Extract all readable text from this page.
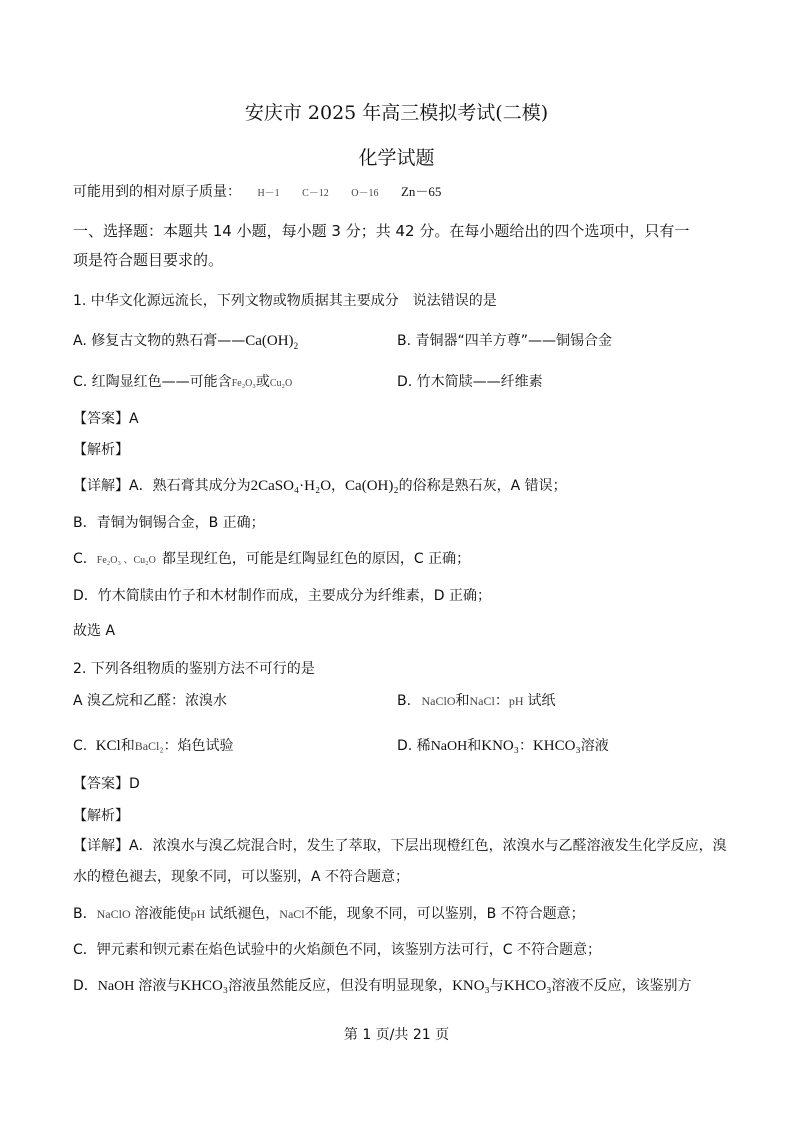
安庆市 2025 年高三模拟考试(二模)
化学试题
可能用到的相对原子质量： H－1 C－12 O－16 Zn－65
一、选择题：本题共 14 小题，每小题 3 分；共 42 分。在每小题给出的四个选项中，只有一
项是符合题目要求的。
1. 中华文化源远流长，下列文物或物质据其主要成分　说法错误的是
A. 修复古文物的熟石膏$——Ca(OH)_2$	B. 青铜器“四羊方尊”——铜锡合金
C. 红陶显红色——可能含Fe₂O₃或Cu₂O	D. 竹木简牍——纤维素
【答案】A
【解析】
【详解】A．熟石膏其成分为2CaSO₄·H₂O，Ca(OH)₂的俗称是熟石灰，A 错误；
B．青铜为铜锡合金，B 正确；
C．Fe₂O₃ 、Cu₂O 都呈现红色，可能是红陶显红色的原因，C 正确；
D．竹木简牍由竹子和木材制作而成，主要成分为纤维素，D 正确；
故选 A
2. 下列各组物质的鉴别方法不可行的是
A 溴乙烷和乙醛：浓溴水	B. NaClO和NaCl：pH 试纸
C. KCl和BaCl₂：焰色试验	D. 稀NaOH和KNO₃：KHCO₃溶液
【答案】D
【解析】
【详解】A．浓溴水与溴乙烷混合时，发生了萃取，下层出现橙红色，浓溴水与乙醛溶液发生化学反应，溴
水的橙色褪去，现象不同，可以鉴别，A 不符合题意；
B．NaClO 溶液能使pH 试纸褪色，NaCl不能，现象不同，可以鉴别，B 不符合题意；
C．钾元素和钡元素在焰色试验中的火焰颜色不同，该鉴别方法可行，C 不符合题意；
D．NaOH 溶液与KHCO₃溶液虽然能反应，但没有明显现象，KNO₃与KHCO₃溶液不反应，该鉴别方
第 1 页/共 21 页
